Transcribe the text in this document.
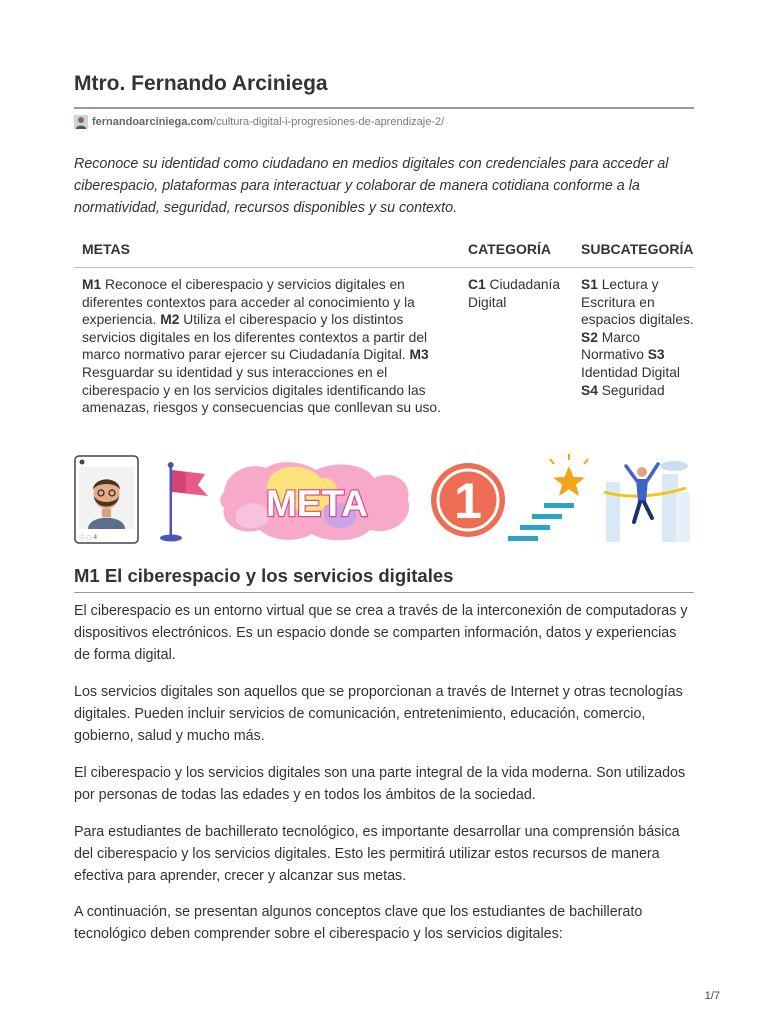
Mtro. Fernando Arciniega
fernandoarciniega.com /cultura-digital-i-progresiones-de-aprendizaje-2/

Reconoce su identidad como ciudadano en medios digitales con credenciales para acceder al ciberespacio, plataformas para interactuar y colaborar de manera cotidiana conforme a la normatividad, seguridad, recursos disponibles y su contexto.

METAS	CATEGORÍA	SUBCATEGORÍA
M1 Reconoce el ciberespacio y servicios digitales en diferentes contextos para acceder al conocimiento y la experiencia. M2 Utiliza el ciberespacio y los distintos servicios digitales en los diferentes contextos a partir del marco normativo parar ejercer su Ciudadanía Digital. M3 Resguardar su identidad y sus interacciones en el ciberespacio y en los servicios digitales identificando las amenazas, riesgos y consecuencias que conllevan su uso.	C1 Ciudadanía Digital	S1 Lectura y Escritura en espacios digitales. S2 Marco Normativo S3 Identidad Digital S4 Seguridad
♡ ◌ 4
META 1
M1 El ciberespacio y los servicios digitales

El ciberespacio es un entorno virtual que se crea a través de la interconexión de computadoras y dispositivos electrónicos. Es un espacio donde se comparten información, datos y experiencias de forma digital.

Los servicios digitales son aquellos que se proporcionan a través de Internet y otras tecnologías digitales. Pueden incluir servicios de comunicación, entretenimiento, educación, comercio, gobierno, salud y mucho más.

El ciberespacio y los servicios digitales son una parte integral de la vida moderna. Son utilizados por personas de todas las edades y en todos los ámbitos de la sociedad.

Para estudiantes de bachillerato tecnológico, es importante desarrollar una comprensión básica del ciberespacio y los servicios digitales. Esto les permitirá utilizar estos recursos de manera efectiva para aprender, crecer y alcanzar sus metas.

A continuación, se presentan algunos conceptos clave que los estudiantes de bachillerato tecnológico deben comprender sobre el ciberespacio y los servicios digitales:

1/7
